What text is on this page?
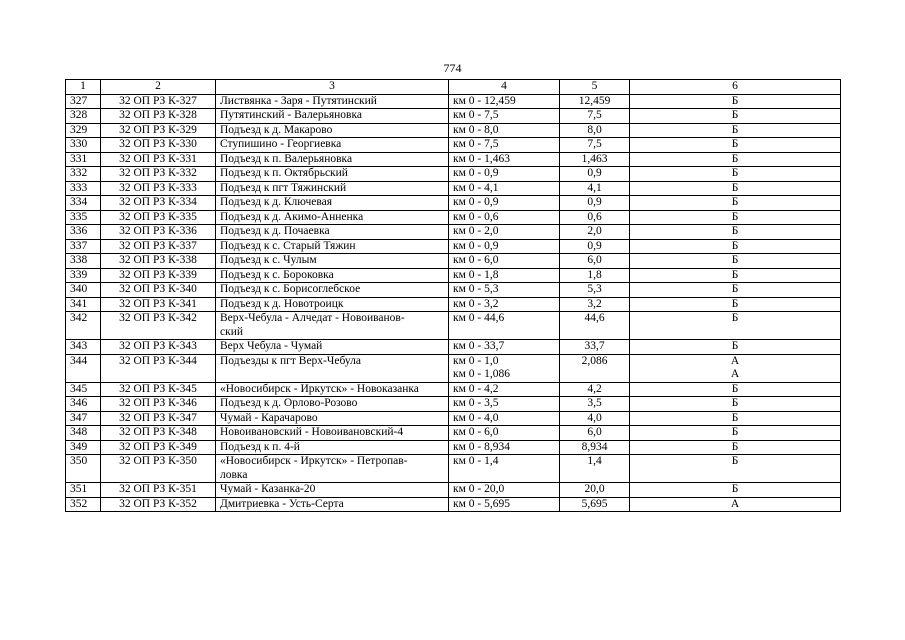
774
1	2	3	4	5	6
327	32 ОП РЗ К-327	Листвянка - Заря - Путятинский	км 0 - 12,459	12,459	Б

328	32 ОП РЗ К-328	Путятинский - Валерьяновка	км 0 - 7,5	7,5	Б

329	32 ОП РЗ К-329	Подъезд к д. Макарово	км 0 - 8,0	8,0	Б

330	32 ОП РЗ К-330	Ступишино - Георгиевка	км 0 - 7,5	7,5	Б

331	32 ОП РЗ К-331	Подъезд к п. Валерьяновка	км 0 - 1,463	1,463	Б

332	32 ОП РЗ К-332	Подъезд к п. Октябрьский	км 0 - 0,9	0,9	Б

333	32 ОП РЗ К-333	Подъезд к пгт Тяжинский	км 0 - 4,1	4,1	Б

334	32 ОП РЗ К-334	Подъезд к д. Ключевая	км 0 - 0,9	0,9	Б

335	32 ОП РЗ К-335	Подъезд к д. Акимо-Анненка	км 0 - 0,6	0,6	Б

336	32 ОП РЗ К-336	Подъезд к д. Почаевка	км 0 - 2,0	2,0	Б

337	32 ОП РЗ К-337	Подъезд к с. Старый Тяжин	км 0 - 0,9	0,9	Б

338	32 ОП РЗ К-338	Подъезд к с. Чулым	км 0 - 6,0	6,0	Б

339	32 ОП РЗ К-339	Подъезд к с. Бороковка	км 0 - 1,8	1,8	Б

340	32 ОП РЗ К-340	Подъезд к с. Борисоглебское	км 0 - 5,3	5,3	Б

341	32 ОП РЗ К-341	Подъезд к д. Новотроицк	км 0 - 3,2	3,2	Б

342	32 ОП РЗ К-342	Верх-Чебула - Алчедат - Новоиванов-
ский	км 0 - 44,6	44,6	Б

343	32 ОП РЗ К-343	Верх Чебула - Чумай	км 0 - 33,7	33,7	Б

344	32 ОП РЗ К-344	Подъезды к пгт Верх-Чебула	км 0 - 1,0
км 0 - 1,086	2,086	А
А

345	32 ОП РЗ К-345	«Новосибирск - Иркутск» - Новоказанка	км 0 - 4,2	4,2	Б

346	32 ОП РЗ К-346	Подъезд к д. Орлово-Розово	км 0 - 3,5	3,5	Б

347	32 ОП РЗ К-347	Чумай - Карачарово	км 0 - 4,0	4,0	Б

348	32 ОП РЗ К-348	Новоивановский - Новоивановский-4	км 0 - 6,0	6,0	Б

349	32 ОП РЗ К-349	Подъезд к п. 4-й	км 0 - 8,934	8,934	Б

350	32 ОП РЗ К-350	«Новосибирск - Иркутск» - Петропав-
ловка	км 0 - 1,4	1,4	Б

351	32 ОП РЗ К-351	Чумай - Казанка-20	км 0 - 20,0	20,0	Б

352	32 ОП РЗ К-352	Дмитриевка - Усть-Серта	км 0 - 5,695	5,695	А
